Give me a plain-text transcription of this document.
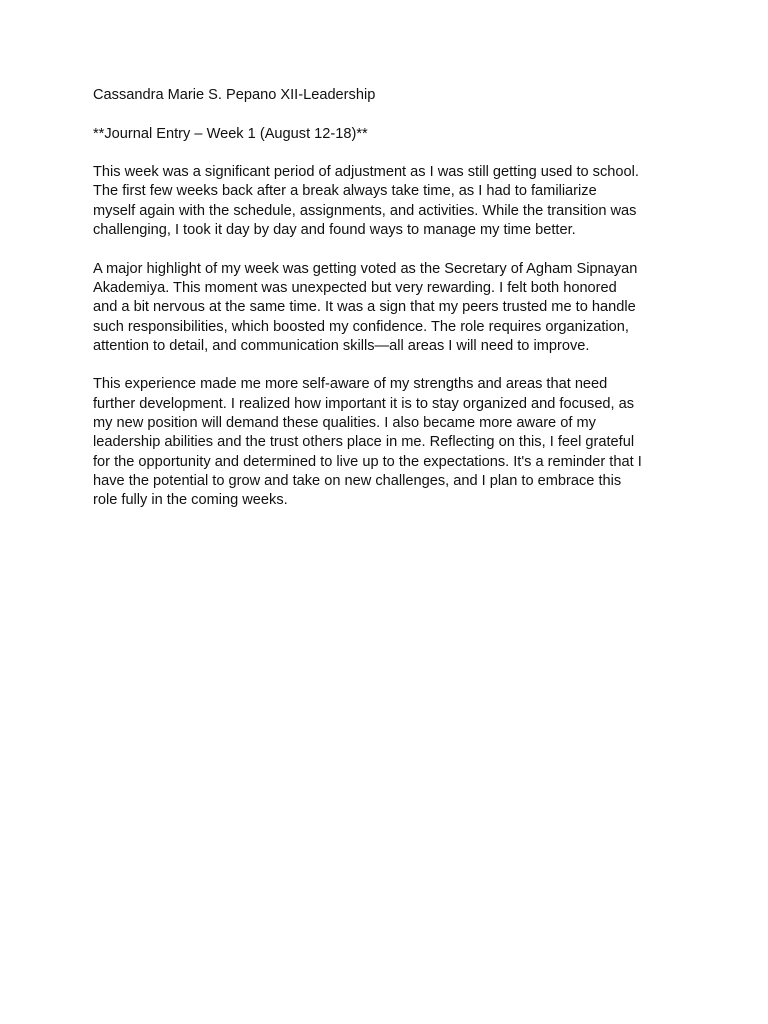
Cassandra Marie S. Pepano XII-Leadership

**Journal Entry – Week 1 (August 12-18)**

This week was a significant period of adjustment as I was still getting used to school.
The first few weeks back after a break always take time, as I had to familiarize
myself again with the schedule, assignments, and activities. While the transition was
challenging, I took it day by day and found ways to manage my time better.

A major highlight of my week was getting voted as the Secretary of Agham Sipnayan
Akademiya. This moment was unexpected but very rewarding. I felt both honored
and a bit nervous at the same time. It was a sign that my peers trusted me to handle
such responsibilities, which boosted my confidence. The role requires organization,
attention to detail, and communication skills—all areas I will need to improve.

This experience made me more self-aware of my strengths and areas that need
further development. I realized how important it is to stay organized and focused, as
my new position will demand these qualities. I also became more aware of my
leadership abilities and the trust others place in me. Reflecting on this, I feel grateful
for the opportunity and determined to live up to the expectations. It's a reminder that I
have the potential to grow and take on new challenges, and I plan to embrace this
role fully in the coming weeks.
